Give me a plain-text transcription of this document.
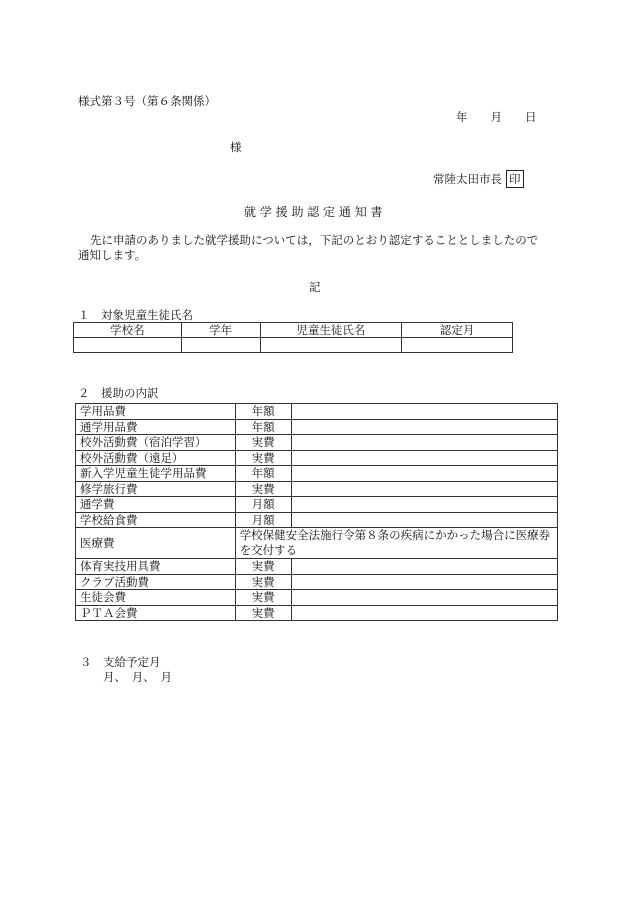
様式第３号（第６条関係）
年　　月　　日
様
常陸太田市長 印
就 学 援 助 認 定 通 知 書
先に申請のありました就学援助については，下記のとおり認定することとしましたので
通知します。
記
１　対象児童生徒氏名
学校名	学年	児童生徒氏名	認定月

２　援助の内訳
学用品費	年額	
通学用品費	年額	
校外活動費（宿泊学習）	実費	
校外活動費（遠足）	実費	
新入学児童生徒学用品費	年額	
修学旅行費	実費	
通学費	月額	
学校給食費	月額	
医療費	学校保健安全法施行令第８条の疾病にかかった場合に医療券を交付する	
体育実技用具費	実費	
クラブ活動費	実費	
生徒会費	実費	
ＰＴＡ会費	実費	
３　支給予定月
月、　月、　月
